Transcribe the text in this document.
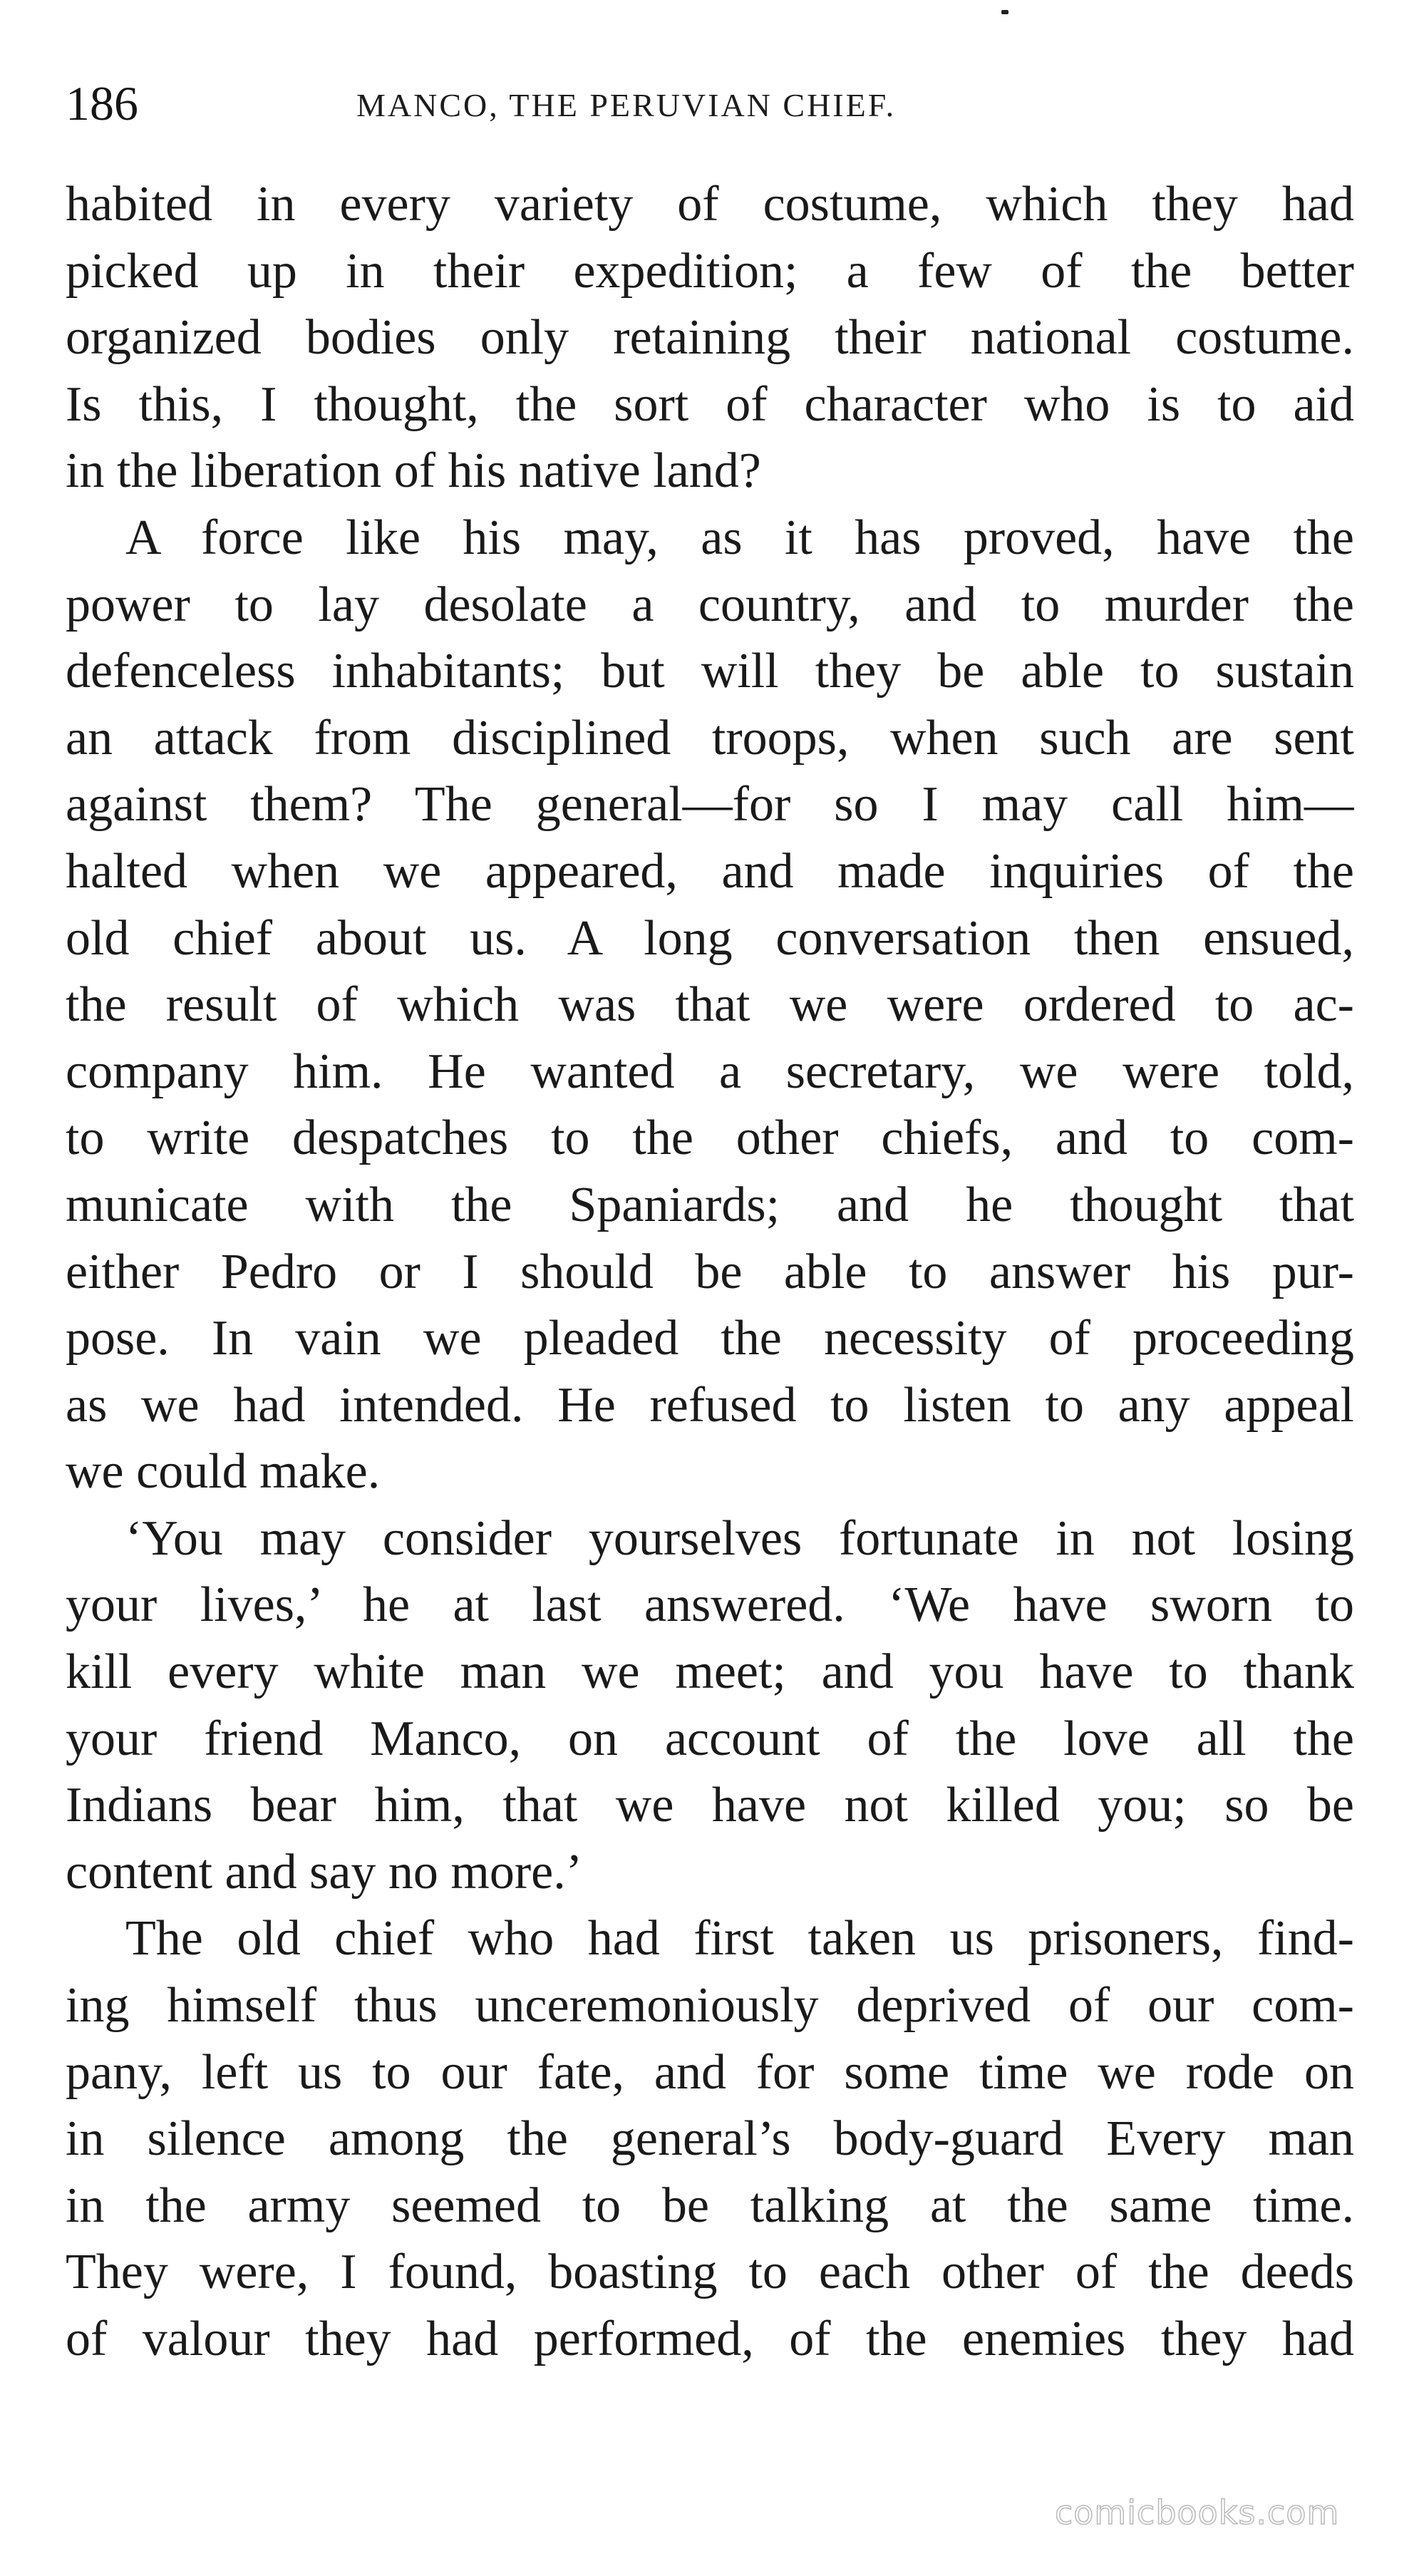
186	MANCO, THE PERUVIAN CHIEF.
habited in every variety of costume, which they had
picked up in their expedition; a few of the better
organized bodies only retaining their national costume.
Is this, I thought, the sort of character who is to aid
in the liberation of his native land?
A force like his may, as it has proved, have the
power to lay desolate a country, and to murder the
defenceless inhabitants; but will they be able to sustain
an attack from disciplined troops, when such are sent
against them? The general—for so I may call him—
halted when we appeared, and made inquiries of the
old chief about us. A long conversation then ensued,
the result of which was that we were ordered to ac-
company him. He wanted a secretary, we were told,
to write despatches to the other chiefs, and to com-
municate with the Spaniards; and he thought that
either Pedro or I should be able to answer his pur-
pose. In vain we pleaded the necessity of proceeding
as we had intended. He refused to listen to any appeal
we could make.
‘You may consider yourselves fortunate in not losing
your lives,’ he at last answered. ‘We have sworn to
kill every white man we meet; and you have to thank
your friend Manco, on account of the love all the
Indians bear him, that we have not killed you; so be
content and say no more.’
The old chief who had first taken us prisoners, find-
ing himself thus unceremoniously deprived of our com-
pany, left us to our fate, and for some time we rode on
in silence among the general’s body-guard Every man
in the army seemed to be talking at the same time.
They were, I found, boasting to each other of the deeds
of valour they had performed, of the enemies they had
comicbooks.com
